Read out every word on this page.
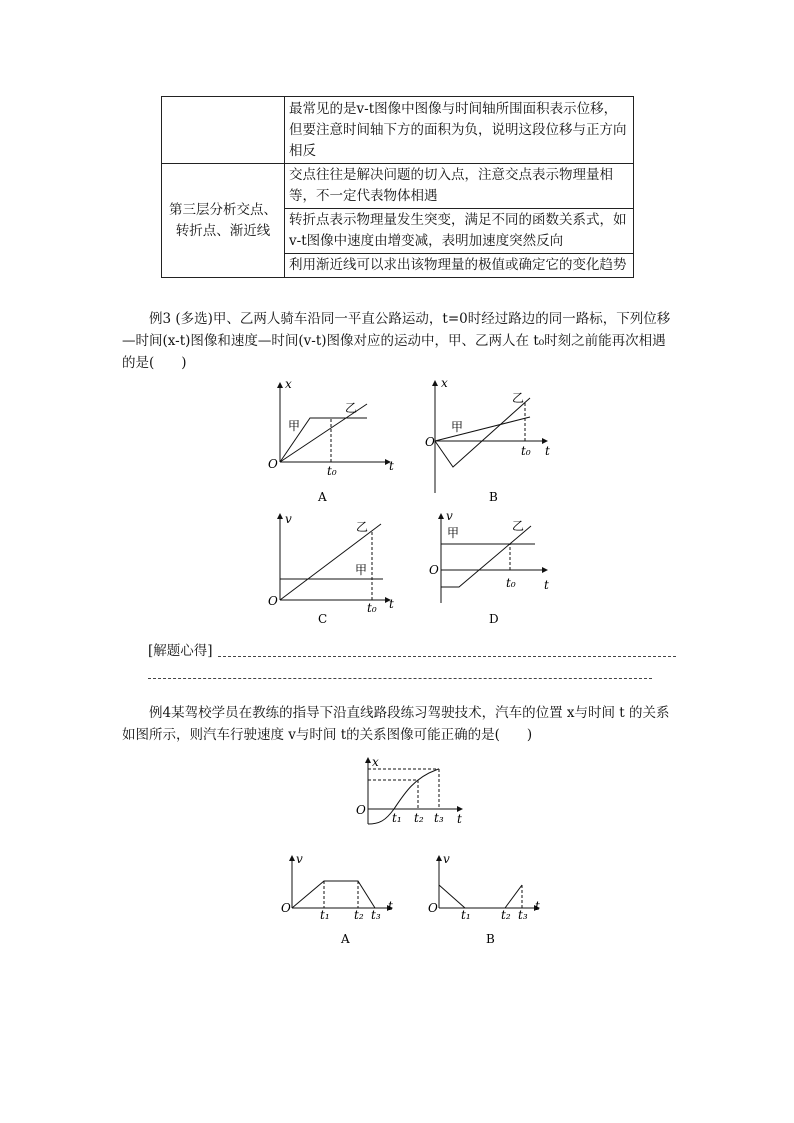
	最常见的是v-t图像中图像与时间轴所围面积表示位移，但要注意时间轴下方的面积为负，说明这段位移与正方向相反
第三层分析交点、转折点、渐近线	交点往往是解决问题的切入点，注意交点表示物理量相等，不一定代表物体相遇
	转折点表示物理量发生突变，满足不同的函数关系式，如v-t图像中速度由增变减，表明加速度突然反向
	利用渐近线可以求出该物理量的极值或确定它的变化趋势
例3 (多选)甲、乙两人骑车沿同一平直公路运动，t=0时经过路边的同一路标，下列位移—时间(x-t)图像和速度—时间(v-t)图像对应的运动中，甲、乙两人在 t₀时刻之前能再次相遇的是(　　)
x
O	t
t₀
甲
乙
A
x
O
t
t₀
甲
乙
B
v
O	t
t₀
甲
乙
C
v
O
t
t₀
甲	乙
D
[解题心得]
例4某驾校学员在教练的指导下沿直线路段练习驾驶技术，汽车的位置 x与时间 t 的关系如图所示，则汽车行驶速度 v与时间 t的关系图像可能正确的是(　　)
x
O
t
t₁ t₂ t₃
v
O	t
t₁ t₂ t₃
A
v
O	t
t₁	t₂ t₃
B
